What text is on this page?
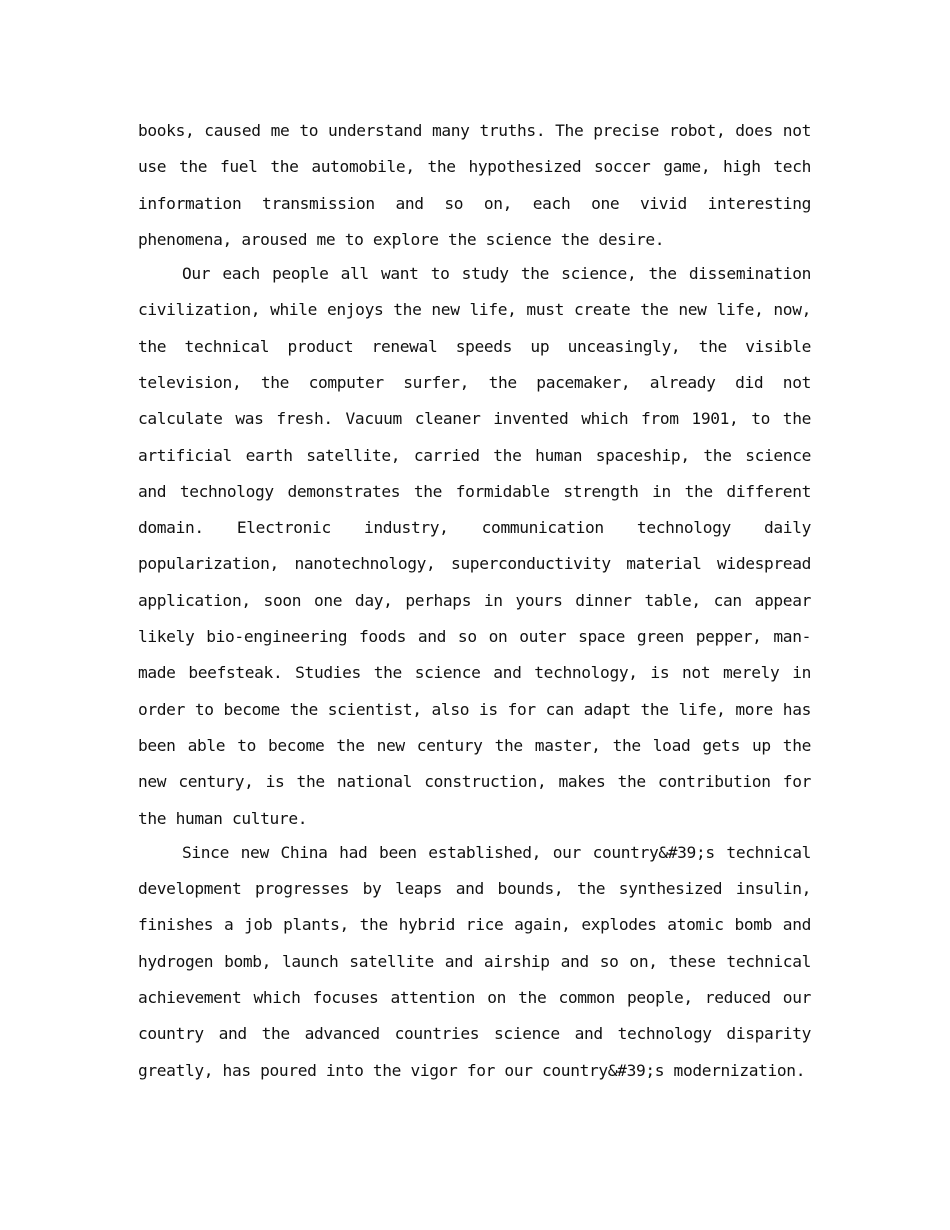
books, caused me to understand many truths. The precise robot, does not use the fuel the automobile, the hypothesized soccer game, high tech information transmission and so on, each one vivid interesting phenomena, aroused me to explore the science the desire.

Our each people all want to study the science, the dissemination civilization, while enjoys the new life, must create the new life, now, the technical product renewal speeds up unceasingly, the visible television, the computer surfer, the pacemaker, already did not calculate was fresh. Vacuum cleaner invented which from 1901, to the artificial earth satellite, carried the human spaceship, the science and technology demonstrates the formidable strength in the different domain. Electronic industry, communication technology daily popularization, nanotechnology, superconductivity material widespread application, soon one day, perhaps in yours dinner table, can appear likely bio-engineering foods and so on outer space green pepper, man-made beefsteak. Studies the science and technology, is not merely in order to become the scientist, also is for can adapt the life, more has been able to become the new century the master, the load gets up the new century, is the national construction, makes the contribution for the human culture.

Since new China had been established, our country&#39;s technical development progresses by leaps and bounds, the synthesized insulin, finishes a job plants, the hybrid rice again, explodes atomic bomb and hydrogen bomb, launch satellite and airship and so on, these technical achievement which focuses attention on the common people, reduced our country and the advanced countries science and technology disparity greatly, has poured into the vigor for our country&#39;s modernization.
